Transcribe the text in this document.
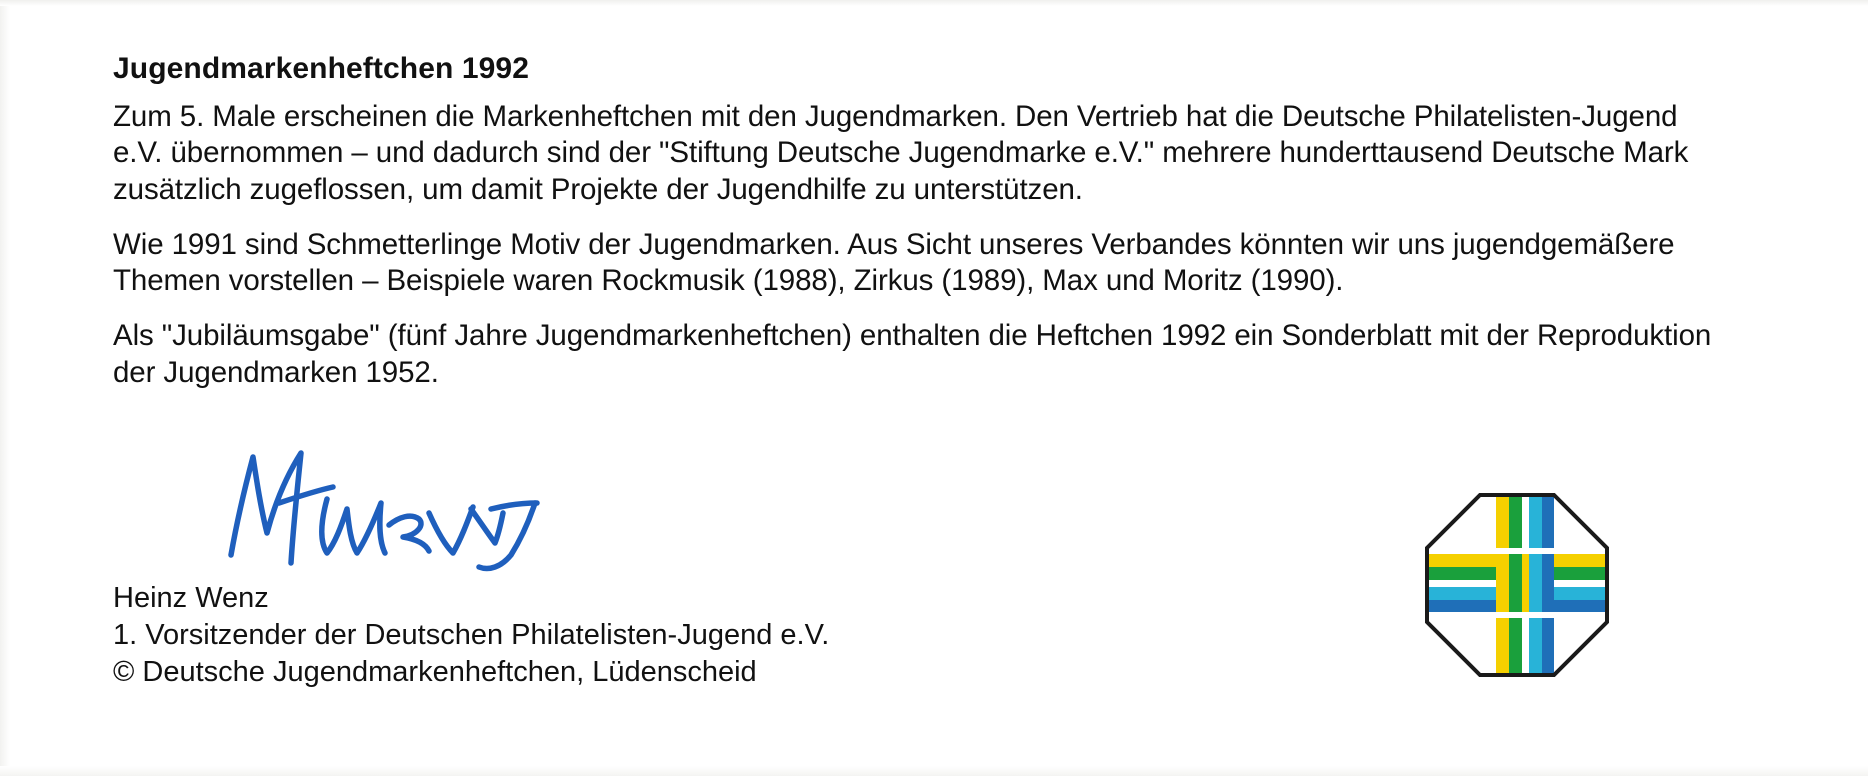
Jugendmarkenheftchen 1992

Zum 5. Male erscheinen die Markenheftchen mit den Jugendmarken. Den Vertrieb hat die Deutsche Philatelisten-Jugend e.V. übernommen – und dadurch sind der "Stiftung Deutsche Jugendmarke e.V." mehrere hunderttausend Deutsche Mark zusätzlich zugeflossen, um damit Projekte der Jugendhilfe zu unterstützen.

Wie 1991 sind Schmetterlinge Motiv der Jugendmarken. Aus Sicht unseres Verbandes könnten wir uns jugendgemäßere Themen vorstellen – Beispiele waren Rockmusik (1988), Zirkus (1989), Max und Moritz (1990).

Als "Jubiläumsgabe" (fünf Jahre Jugendmarkenheftchen) enthalten die Heftchen 1992 ein Sonderblatt mit der Reproduktion der Jugendmarken 1952.

Heinz Wenz
1. Vorsitzender der Deutschen Philatelisten-Jugend e.V.
© Deutsche Jugendmarkenheftchen, Lüdenscheid
